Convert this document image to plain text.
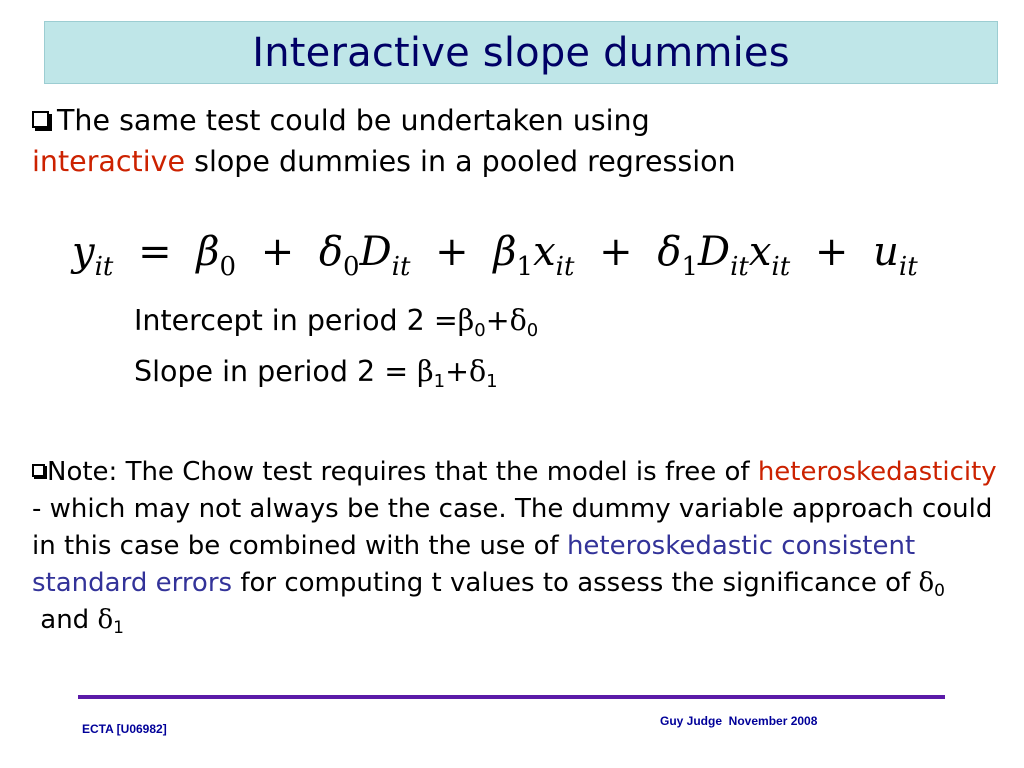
Interactive slope dummies
The same test could be undertaken using
interactive slope dummies in a pooled regression
$y_{it} = \beta_0 + \delta_0D_{it} + \beta_1x_{it} + \delta_1D_{it}x_{it} + u_{it}$
Intercept in period $2 =\beta_0+\delta_0$
Slope in period $2 = \beta_1+\delta_1$
Note: The Chow test requires that the model is free of heteroskedasticity - which may not always be the case. The dummy variable approach could in this case be combined with the use of heteroskedastic consistent standard errors for computing t values to assess the significance of $\delta_0$ and $\delta_1$
ECTA [U06982]
Guy Judge  November 2008
